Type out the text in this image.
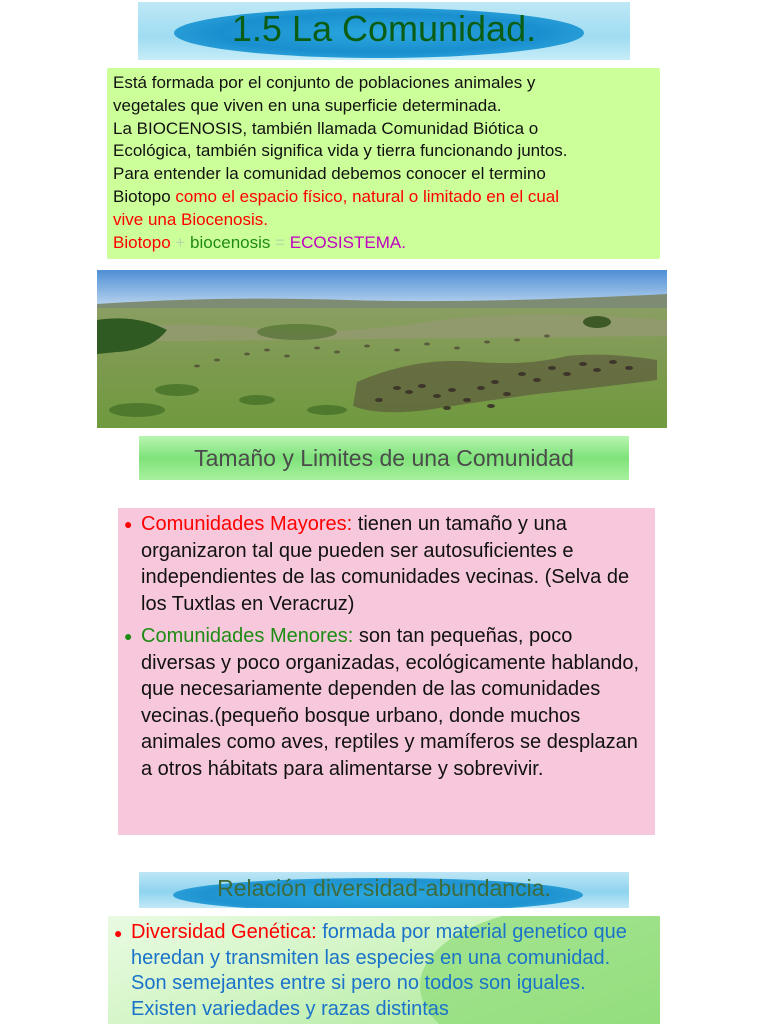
1.5 La Comunidad.
Está formada por el conjunto de poblaciones animales y
vegetales que viven en una superficie determinada.
La BIOCENOSIS, también llamada Comunidad Biótica o
Ecológica, también significa vida y tierra funcionando juntos.
Para entender la comunidad debemos conocer el termino
Biotopo como el espacio físico, natural o limitado en el cual
vive una Biocenosis.
Biotopo + biocenosis = ECOSISTEMA.
Tamaño y Limites de una Comunidad
● Comunidades Mayores: tienen un tamaño y una organizaron tal que pueden ser autosuficientes e independientes de las comunidades vecinas. (Selva de los Tuxtlas en Veracruz)
● Comunidades Menores: son tan pequeñas, poco diversas y poco organizadas, ecológicamente hablando, que necesariamente dependen de las comunidades vecinas.(pequeño bosque urbano, donde muchos animales como aves, reptiles y mamíferos se desplazan a otros hábitats para alimentarse y sobrevivir.
Relación diversidad-abundancia.
● Diversidad Genética: formada por material genetico que heredan y transmiten las especies en una comunidad. Son semejantes entre si pero no todos son iguales. Existen variedades y razas distintas
